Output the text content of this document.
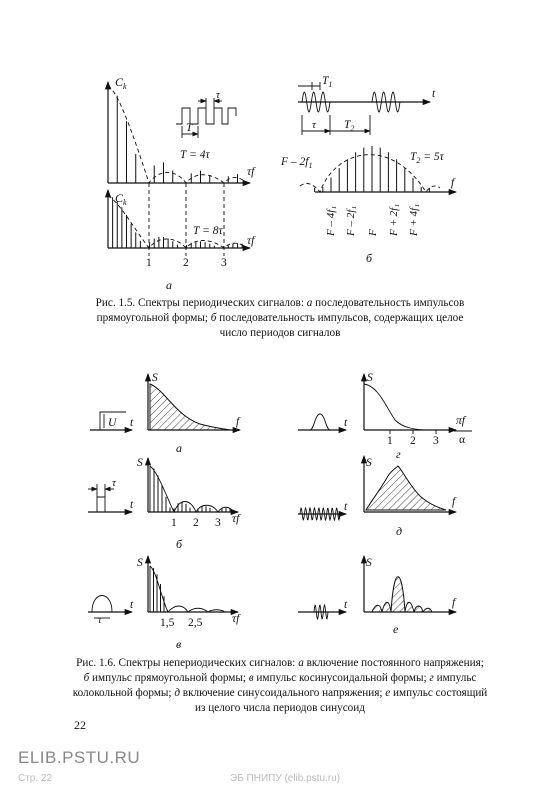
$C_k$
T = 4τ
τf
T
τ
$C_k$
T = 8τ
τf
1	2	3
а
t
$T_1$
τ $T_2$
f
F – $2f_1$
$T_2 = 5\tau$
F – 4f₁ F – 2f₁ F F + 2f₁ F + 4f₁
б
U t
S
f
а
τ
t
S
1 2 3 τf
б
τ
t
S
1,5 2,5	τf
в
t
S
1 2 3
πf
α
г
t
S
f
д
t
S
f
е
Рис. 1.5. Спектры периодических сигналов: а последовательность импульсов
прямоугольной формы; б последовательность импульсов, содержащих целое
число периодов сигналов
Рис. 1.6. Спектры непериодических сигналов: а включение постоянного напряжения;
б импульс прямоугольной формы; в импульс косинусоидальной формы; г импульс
колокольной формы; д включение синусоидального напряжения; е импульс состоящий
из целого числа периодов синусоид
22
ELIB.PSTU.RU
Стр. 22	ЭБ ПНИПУ (elib.pstu.ru)
